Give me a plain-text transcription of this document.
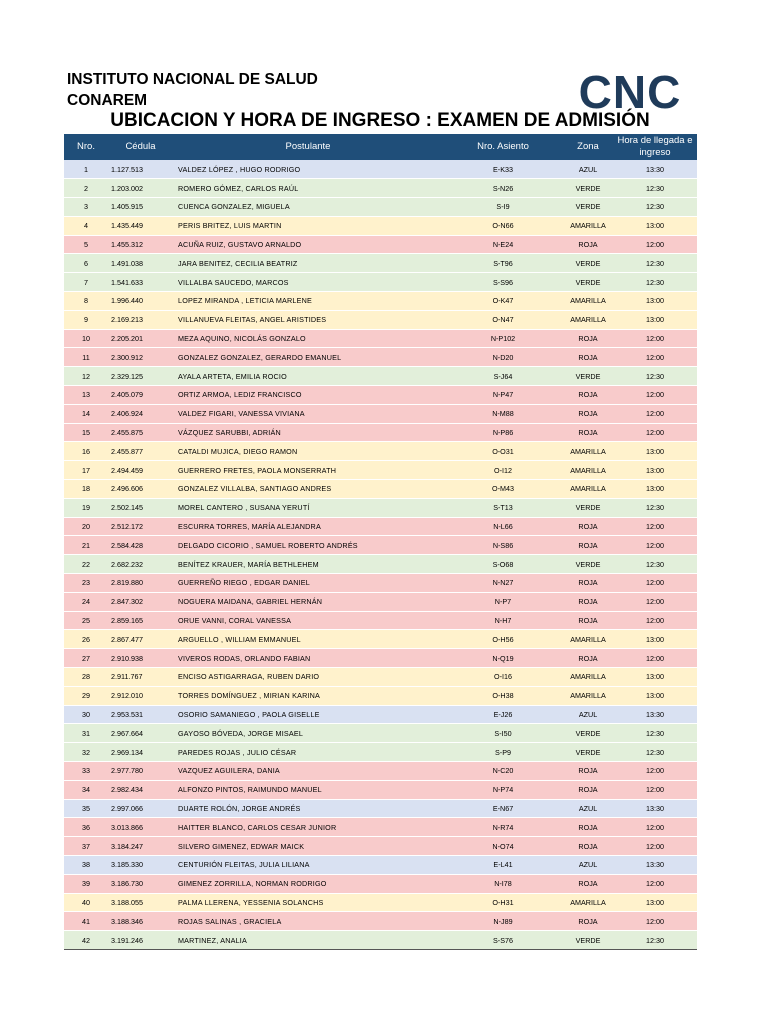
INSTITUTO NACIONAL DE SALUD
CONAREM	CNC
UBICACION Y HORA DE INGRESO : EXAMEN DE ADMISIÓN
Nro.	Cédula	Postulante	Nro. Asiento	Zona	Hora de llegada e ingreso
1	1.127.513	VALDEZ LÓPEZ , HUGO RODRIGO	E-K33	AZUL	13:30
2	1.203.002	ROMERO GÓMEZ, CARLOS RAÚL	S-N26	VERDE	12:30
3	1.405.915	CUENCA GONZALEZ, MIGUELA	S-I9	VERDE	12:30
4	1.435.449	PERIS BRITEZ, LUIS MARTIN	O-N66	AMARILLA	13:00
5	1.455.312	ACUÑA RUIZ, GUSTAVO ARNALDO	N-E24	ROJA	12:00
6	1.491.038	JARA BENITEZ, CECILIA BEATRIZ	S-T96	VERDE	12:30
7	1.541.633	VILLALBA SAUCEDO, MARCOS	S-S96	VERDE	12:30
8	1.996.440	LOPEZ MIRANDA , LETICIA MARLENE	O-K47	AMARILLA	13:00
9	2.169.213	VILLANUEVA FLEITAS, ANGEL ARISTIDES	O-N47	AMARILLA	13:00
10	2.205.201	MEZA AQUINO, NICOLÁS GONZALO	N-P102	ROJA	12:00
11	2.300.912	GONZALEZ GONZALEZ, GERARDO EMANUEL	N-D20	ROJA	12:00
12	2.329.125	AYALA ARTETA, EMILIA ROCIO	S-J64	VERDE	12:30
13	2.405.079	ORTIZ ARMOA, LEDIZ FRANCISCO	N-P47	ROJA	12:00
14	2.406.924	VALDEZ FIGARI, VANESSA VIVIANA	N-M88	ROJA	12:00
15	2.455.875	VÁZQUEZ SARUBBI, ADRIÁN	N-P86	ROJA	12:00
16	2.455.877	CATALDI MUJICA, DIEGO RAMON	O-O31	AMARILLA	13:00
17	2.494.459	GUERRERO FRETES, PAOLA MONSERRATH	O-I12	AMARILLA	13:00
18	2.496.606	GONZALEZ VILLALBA, SANTIAGO ANDRES	O-M43	AMARILLA	13:00
19	2.502.145	MOREL CANTERO , SUSANA YERUTÍ	S-T13	VERDE	12:30
20	2.512.172	ESCURRA TORRES, MARÍA ALEJANDRA	N-L66	ROJA	12:00
21	2.584.428	DELGADO CICORIO , SAMUEL ROBERTO ANDRÉS	N-S86	ROJA	12:00
22	2.682.232	BENÍTEZ KRAUER, MARÍA BETHLEHEM	S-O68	VERDE	12:30
23	2.819.880	GUERREÑO RIEGO , EDGAR DANIEL	N-N27	ROJA	12:00
24	2.847.302	NOGUERA MAIDANA, GABRIEL HERNÁN	N-P7	ROJA	12:00
25	2.859.165	ORUE VANNI, CORAL VANESSA	N-H7	ROJA	12:00
26	2.867.477	ARGUELLO , WILLIAM EMMANUEL	O-H56	AMARILLA	13:00
27	2.910.938	VIVEROS RODAS, ORLANDO FABIAN	N-Q19	ROJA	12:00
28	2.911.767	ENCISO ASTIGARRAGA, RUBEN DARIO	O-I16	AMARILLA	13:00
29	2.912.010	TORRES DOMÍNGUEZ , MIRIAN KARINA	O-H38	AMARILLA	13:00
30	2.953.531	OSORIO SAMANIEGO , PAOLA GISELLE	E-J26	AZUL	13:30
31	2.967.664	GAYOSO BÓVEDA, JORGE MISAEL	S-I50	VERDE	12:30
32	2.969.134	PAREDES ROJAS , JULIO CÉSAR	S-P9	VERDE	12:30
33	2.977.780	VAZQUEZ AGUILERA, DANIA	N-C20	ROJA	12:00
34	2.982.434	ALFONZO PINTOS, RAIMUNDO MANUEL	N-P74	ROJA	12:00
35	2.997.066	DUARTE ROLÓN, JORGE ANDRÉS	E-N67	AZUL	13:30
36	3.013.866	HAITTER BLANCO, CARLOS CESAR JUNIOR	N-R74	ROJA	12:00
37	3.184.247	SILVERO GIMENEZ, EDWAR MAICK	N-O74	ROJA	12:00
38	3.185.330	CENTURIÓN FLEITAS, JULIA LILIANA	E-L41	AZUL	13:30
39	3.186.730	GIMENEZ ZORRILLA, NORMAN RODRIGO	N-I78	ROJA	12:00
40	3.188.055	PALMA LLERENA, YESSENIA SOLANCHS	O-H31	AMARILLA	13:00
41	3.188.346	ROJAS SALINAS , GRACIELA	N-J89	ROJA	12:00
42	3.191.246	MARTINEZ, ANALIA	S-S76	VERDE	12:30
